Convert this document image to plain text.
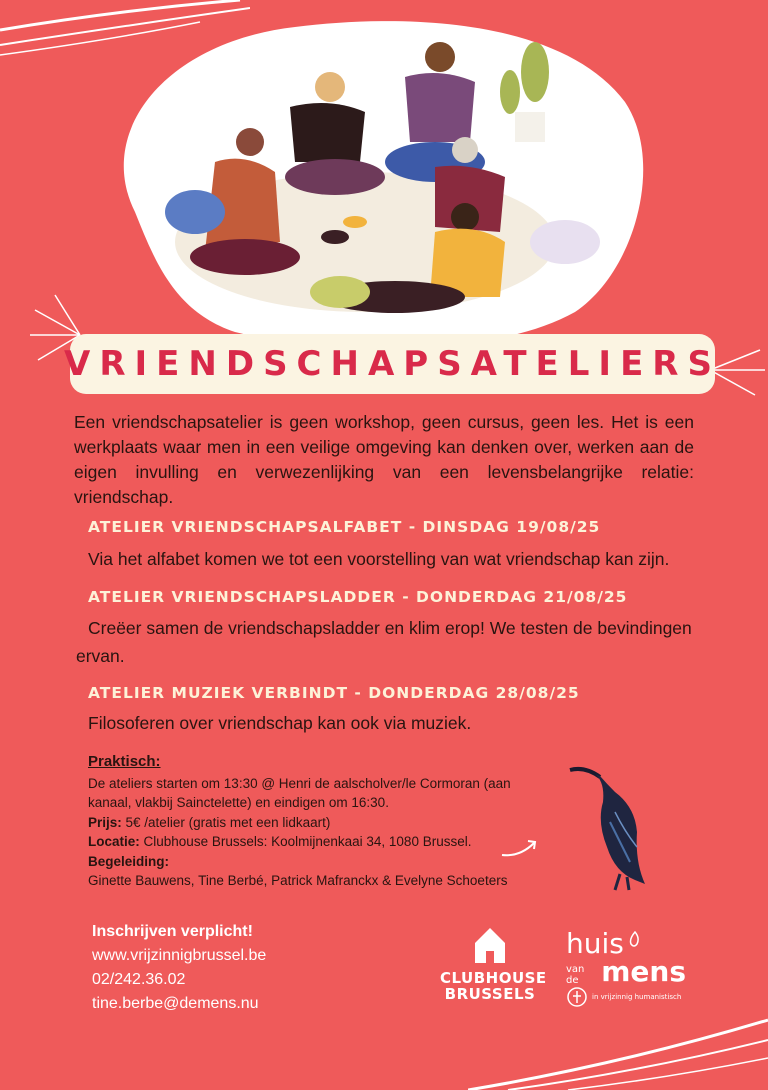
VRIENDSCHAPSATELIERS
Een vriendschapsatelier is geen workshop, geen cursus, geen les. Het is een werkplaats waar men in een veilige omgeving kan denken over, werken aan de eigen invulling en verwezenlijking van een levensbelangrijke relatie: vriendschap.
ATELIER VRIENDSCHAPSALFABET - DINSDAG 19/08/25
Via het alfabet komen we tot een voorstelling van wat vriendschap kan zijn.
ATELIER VRIENDSCHAPSLADDER - DONDERDAG 21/08/25
Creëer samen de vriendschapsladder en klim erop! We testen de bevindingen ervan.
ATELIER MUZIEK VERBINDT - DONDERDAG 28/08/25
Filosoferen over vriendschap kan ook via muziek.
Praktisch:
De ateliers starten om 13:30 @ Henri de aalscholver/le Cormoran (aan kanaal, vlakbij Sainctelette) en eindigen om 16:30.
Prijs: 5€ /atelier (gratis met een lidkaart)
Locatie: Clubhouse Brussels: Koolmijnenkaai 34, 1080 Brussel.
Begeleiding:
Ginette Bauwens, Tine Berbé, Patrick Mafranckx & Evelyne Schoeters
Inschrijven verplicht!
www.vrijzinnigbrussel.be
02/242.36.02
tine.berbe@demens.nu
CLUBHOUSE
BRUSSELS
huis
van de mens
in vrijzinnig humanistisch
